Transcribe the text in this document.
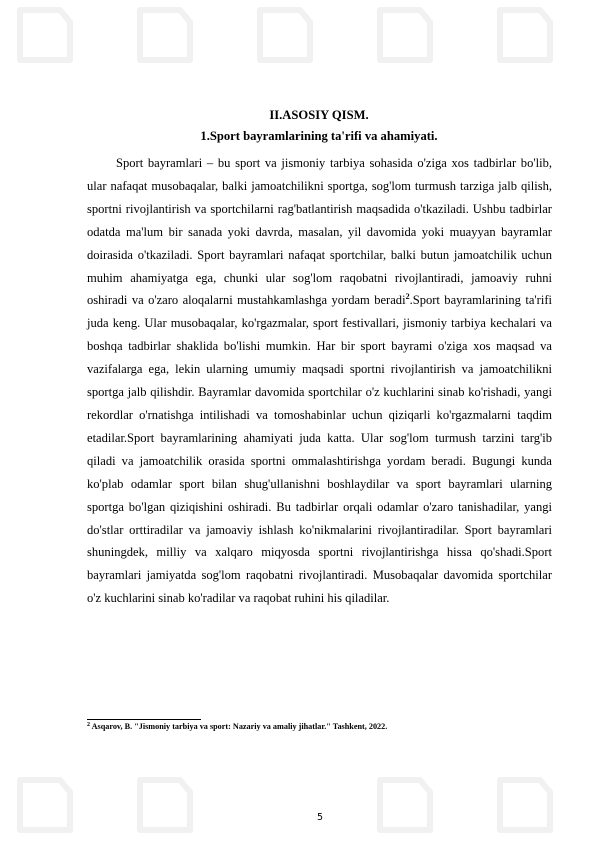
II.ASOSIY QISM.
1.Sport bayramlarining ta'rifi va ahamiyati.

Sport bayramlari – bu sport va jismoniy tarbiya sohasida o'ziga xos tadbirlar bo'lib, ular nafaqat musobaqalar, balki jamoatchilikni sportga, sog'lom turmush tarziga jalb qilish, sportni rivojlantirish va sportchilarni rag'batlantirish maqsadida o'tkaziladi. Ushbu tadbirlar odatda ma'lum bir sanada yoki davrda, masalan, yil davomida yoki muayyan bayramlar doirasida o'tkaziladi. Sport bayramlari nafaqat sportchilar, balki butun jamoatchilik uchun muhim ahamiyatga ega, chunki ular sog'lom raqobatni rivojlantiradi, jamoaviy ruhni oshiradi va o'zaro aloqalarni mustahkamlashga yordam beradi$^2$.Sport bayramlarining ta'rifi juda keng. Ular musobaqalar, ko'rgazmalar, sport festivallari, jismoniy tarbiya kechalari va boshqa tadbirlar shaklida bo'lishi mumkin. Har bir sport bayrami o'ziga xos maqsad va vazifalarga ega, lekin ularning umumiy maqsadi sportni rivojlantirish va jamoatchilikni sportga jalb qilishdir. Bayramlar davomida sportchilar o'z kuchlarini sinab ko'rishadi, yangi rekordlar o'rnatishga intilishadi va tomoshabinlar uchun qiziqarli ko'rgazmalarni taqdim etadilar.Sport bayramlarining ahamiyati juda katta. Ular sog'lom turmush tarzini targ'ib qiladi va jamoatchilik orasida sportni ommalashtirishga yordam beradi. Bugungi kunda ko'plab odamlar sport bilan shug'ullanishni boshlaydilar va sport bayramlari ularning sportga bo'lgan qiziqishini oshiradi. Bu tadbirlar orqali odamlar o'zaro tanishadilar, yangi do'stlar orttiradilar va jamoaviy ishlash ko'nikmalarini rivojlantiradilar. Sport bayramlari shuningdek, milliy va xalqaro miqyosda sportni rivojlantirishga hissa qo'shadi.Sport bayramlari jamiyatda sog'lom raqobatni rivojlantiradi. Musobaqalar davomida sportchilar o'z kuchlarini sinab ko'radilar va raqobat ruhini his qiladilar.

$^2$ Asqarov, B. "Jismoniy tarbiya va sport: Nazariy va amaliy jihatlar." Tashkent, 2022.
5
